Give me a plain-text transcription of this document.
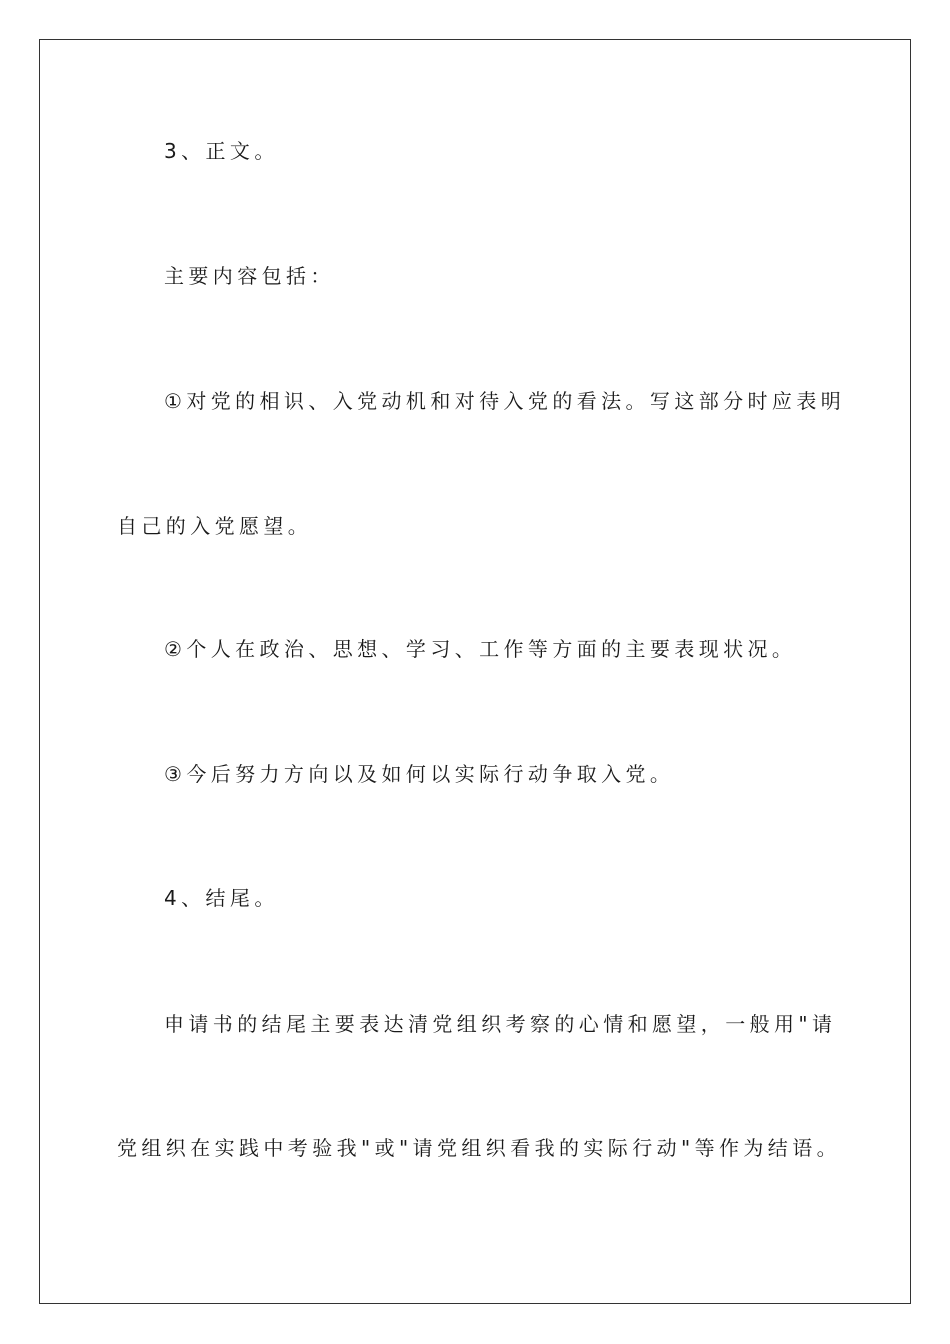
3、正文。

主要内容包括：

①对党的相识、入党动机和对待入党的看法。写这部分时应表明

自己的入党愿望。

②个人在政治、思想、学习、工作等方面的主要表现状况。

③今后努力方向以及如何以实际行动争取入党。

4、结尾。

申请书的结尾主要表达清党组织考察的心情和愿望，一般用"请

党组织在实践中考验我"或"请党组织看我的实际行动"等作为结语。
